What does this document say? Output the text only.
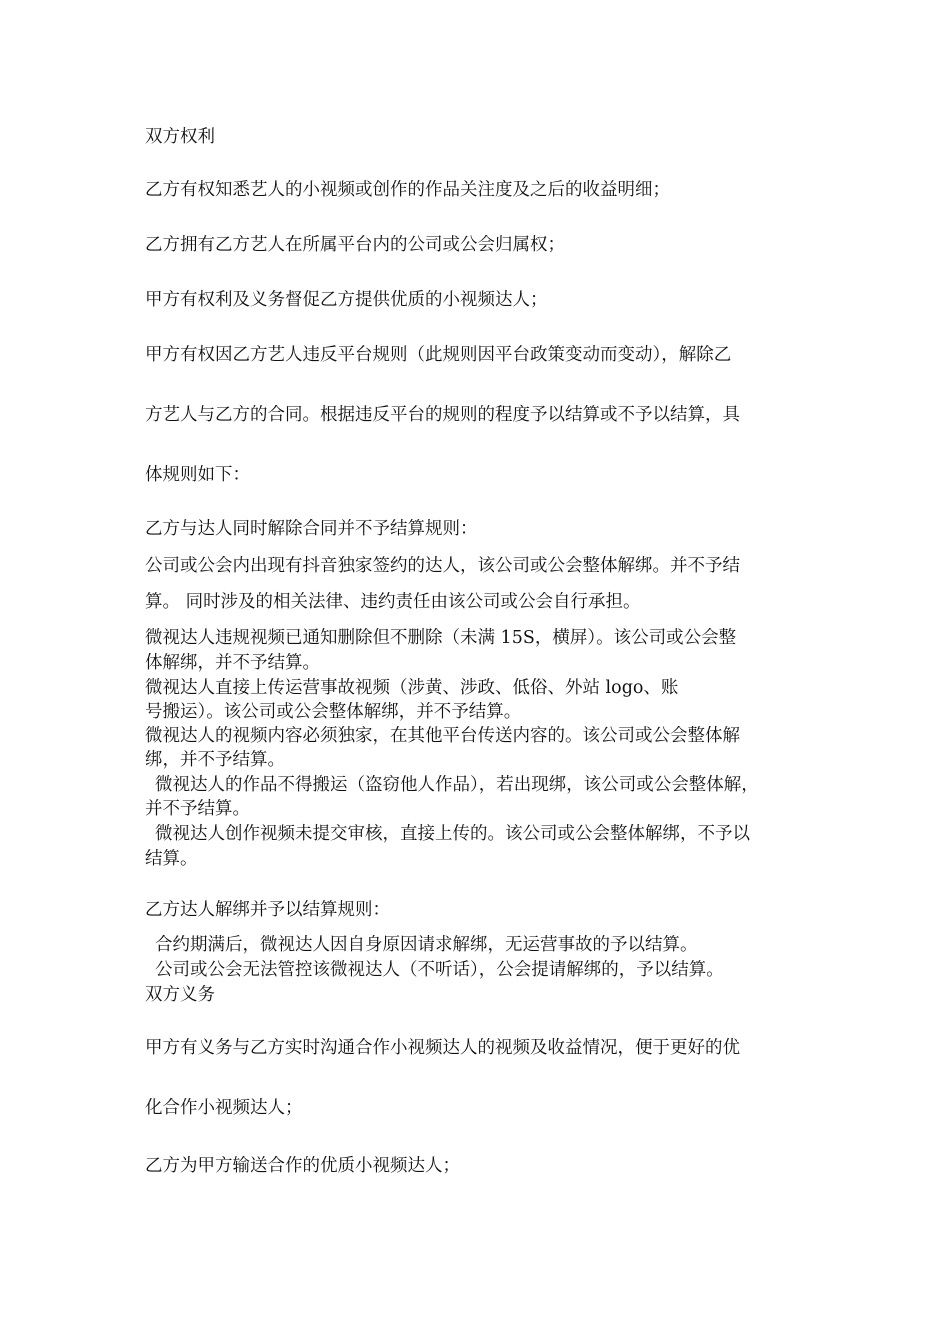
双方权利
乙方有权知悉艺人的小视频或创作的作品关注度及之后的收益明细；
乙方拥有乙方艺人在所属平台内的公司或公会归属权；
甲方有权利及义务督促乙方提供优质的小视频达人；
甲方有权因乙方艺人违反平台规则（此规则因平台政策变动而变动），解除乙
方艺人与乙方的合同。根据违反平台的规则的程度予以结算或不予以结算，具
体规则如下：
乙方与达人同时解除合同并不予结算规则：
公司或公会内出现有抖音独家签约的达人，该公司或公会整体解绑。并不予结
算。 同时涉及的相关法律、违约责任由该公司或公会自行承担。
微视达人违规视频已通知删除但不删除（未满 15S，横屏）。该公司或公会整
体解绑，并不予结算。
微视达人直接上传运营事故视频（涉黄、涉政、低俗、外站 logo、账
号搬运）。该公司或公会整体解绑，并不予结算。
微视达人的视频内容必须独家，在其他平台传送内容的。该公司或公会整体解
绑，并不予结算。
微视达人的作品不得搬运（盗窃他人作品），若出现绑，该公司或公会整体解，
并不予结算。
微视达人创作视频未提交审核，直接上传的。该公司或公会整体解绑，不予以
结算。
乙方达人解绑并予以结算规则：
合约期满后，微视达人因自身原因请求解绑，无运营事故的予以结算。
公司或公会无法管控该微视达人（不听话），公会提请解绑的，予以结算。
双方义务
甲方有义务与乙方实时沟通合作小视频达人的视频及收益情况，便于更好的优
化合作小视频达人；
乙方为甲方输送合作的优质小视频达人；
